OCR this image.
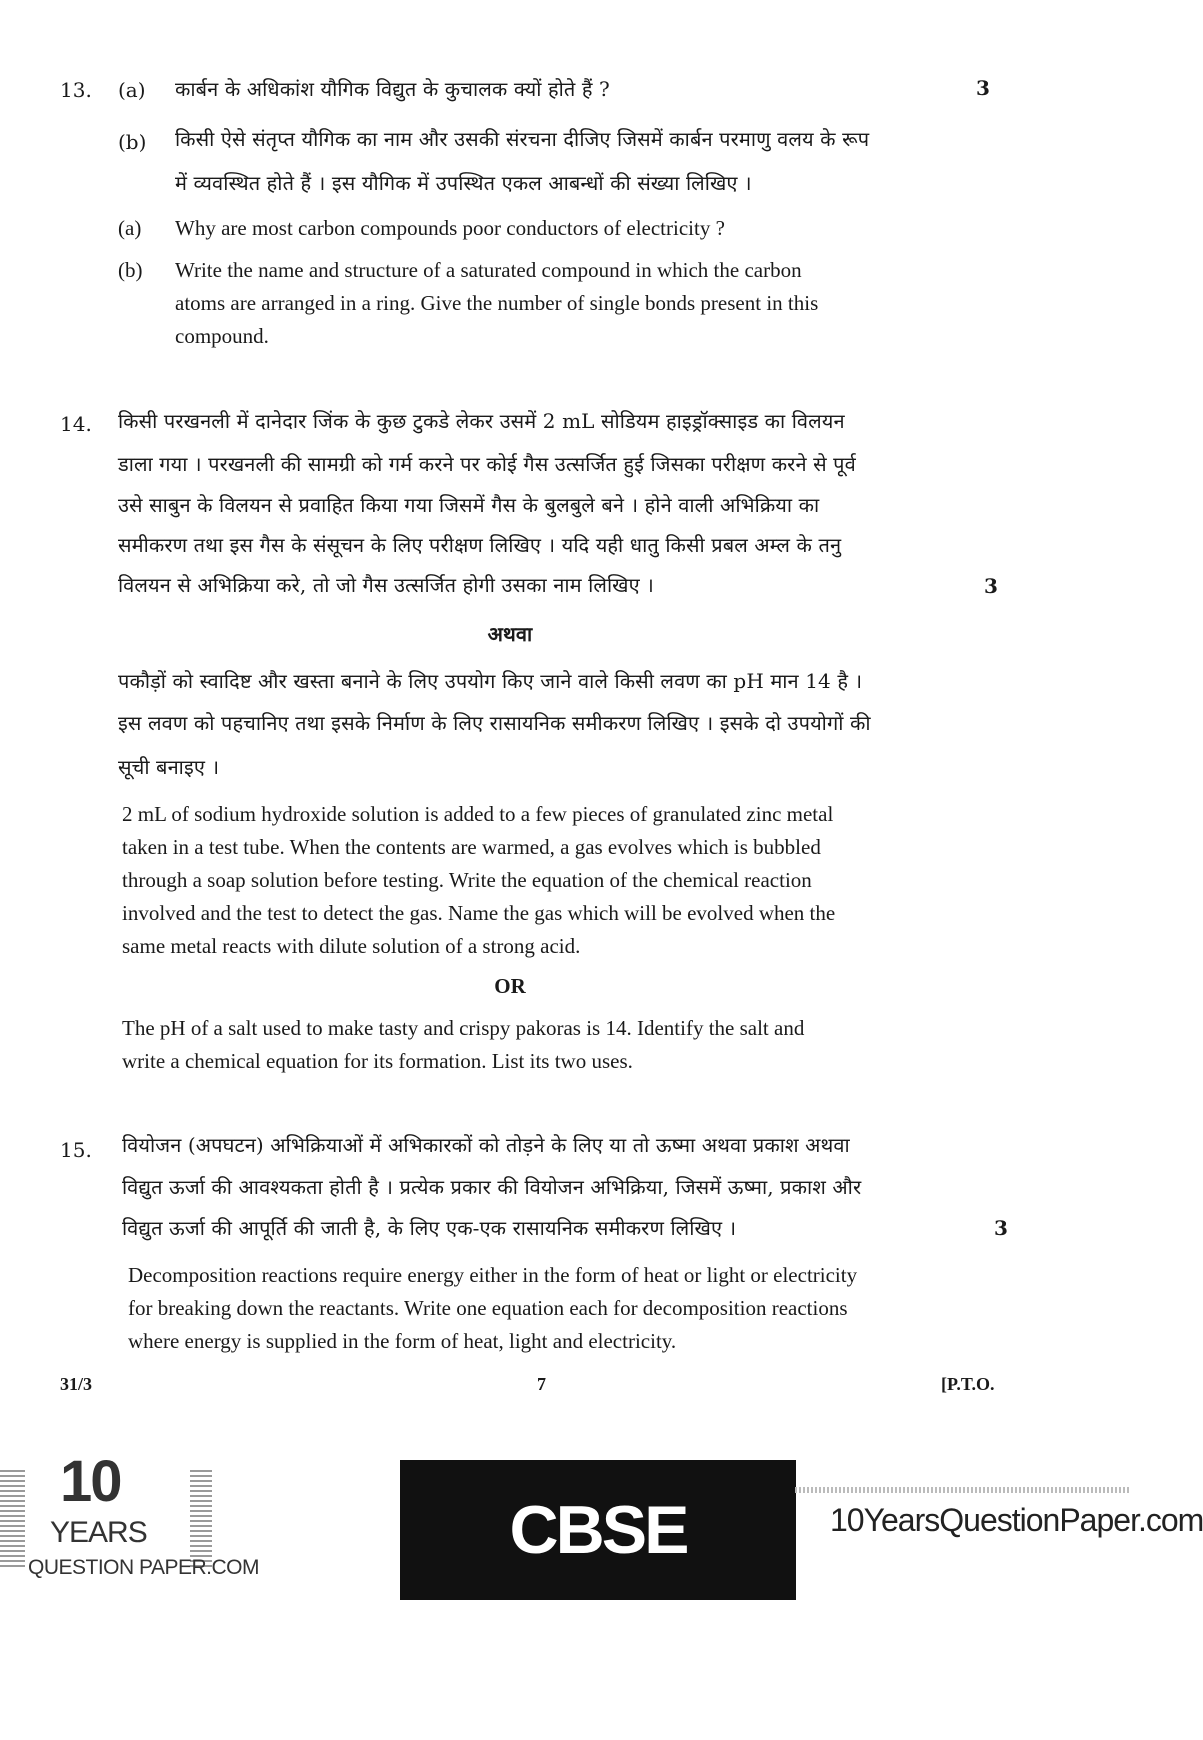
13. (a) कार्बन के अधिकांश यौगिक विद्युत के कुचालक क्यों होते हैं ?	3
(b) किसी ऐसे संतृप्त यौगिक का नाम और उसकी संरचना दीजिए जिसमें कार्बन परमाणु वलय के रूप
में व्यवस्थित होते हैं । इस यौगिक में उपस्थित एकल आबन्धों की संख्या लिखिए ।
(a) Why are most carbon compounds poor conductors of electricity ?
(b) Write the name and structure of a saturated compound in which the carbon
atoms are arranged in a ring. Give the number of single bonds present in this
compound.
14. किसी परखनली में दानेदार जिंक के कुछ टुकडे लेकर उसमें 2 mL सोडियम हाइड्रॉक्साइड का विलयन
डाला गया । परखनली की सामग्री को गर्म करने पर कोई गैस उत्सर्जित हुई जिसका परीक्षण करने से पूर्व
उसे साबुन के विलयन से प्रवाहित किया गया जिसमें गैस के बुलबुले बने । होने वाली अभिक्रिया का
समीकरण तथा इस गैस के संसूचन के लिए परीक्षण लिखिए । यदि यही धातु किसी प्रबल अम्ल के तनु
विलयन से अभिक्रिया करे, तो जो गैस उत्सर्जित होगी उसका नाम लिखिए ।	3
अथवा
पकौड़ों को स्वादिष्ट और खस्ता बनाने के लिए उपयोग किए जाने वाले किसी लवण का pH मान 14 है ।
इस लवण को पहचानिए तथा इसके निर्माण के लिए रासायनिक समीकरण लिखिए । इसके दो उपयोगों की
सूची बनाइए ।
2 mL of sodium hydroxide solution is added to a few pieces of granulated zinc metal
taken in a test tube. When the contents are warmed, a gas evolves which is bubbled
through a soap solution before testing. Write the equation of the chemical reaction
involved and the test to detect the gas. Name the gas which will be evolved when the
same metal reacts with dilute solution of a strong acid.
OR
The pH of a salt used to make tasty and crispy pakoras is 14. Identify the salt and
write a chemical equation for its formation. List its two uses.
15. वियोजन (अपघटन) अभिक्रियाओं में अभिकारकों को तोड़ने के लिए या तो ऊष्मा अथवा प्रकाश अथवा
विद्युत ऊर्जा की आवश्यकता होती है । प्रत्येक प्रकार की वियोजन अभिक्रिया, जिसमें ऊष्मा, प्रकाश और
विद्युत ऊर्जा की आपूर्ति की जाती है, के लिए एक-एक रासायनिक समीकरण लिखिए ।	3
Decomposition reactions require energy either in the form of heat or light or electricity
for breaking down the reactants. Write one equation each for decomposition reactions
where energy is supplied in the form of heat, light and electricity.
31/3	7	[P.T.O.
10
YEARS
QUESTION PAPER.COM	CBSE BOARD X
10YearsQuestionPaper.com
